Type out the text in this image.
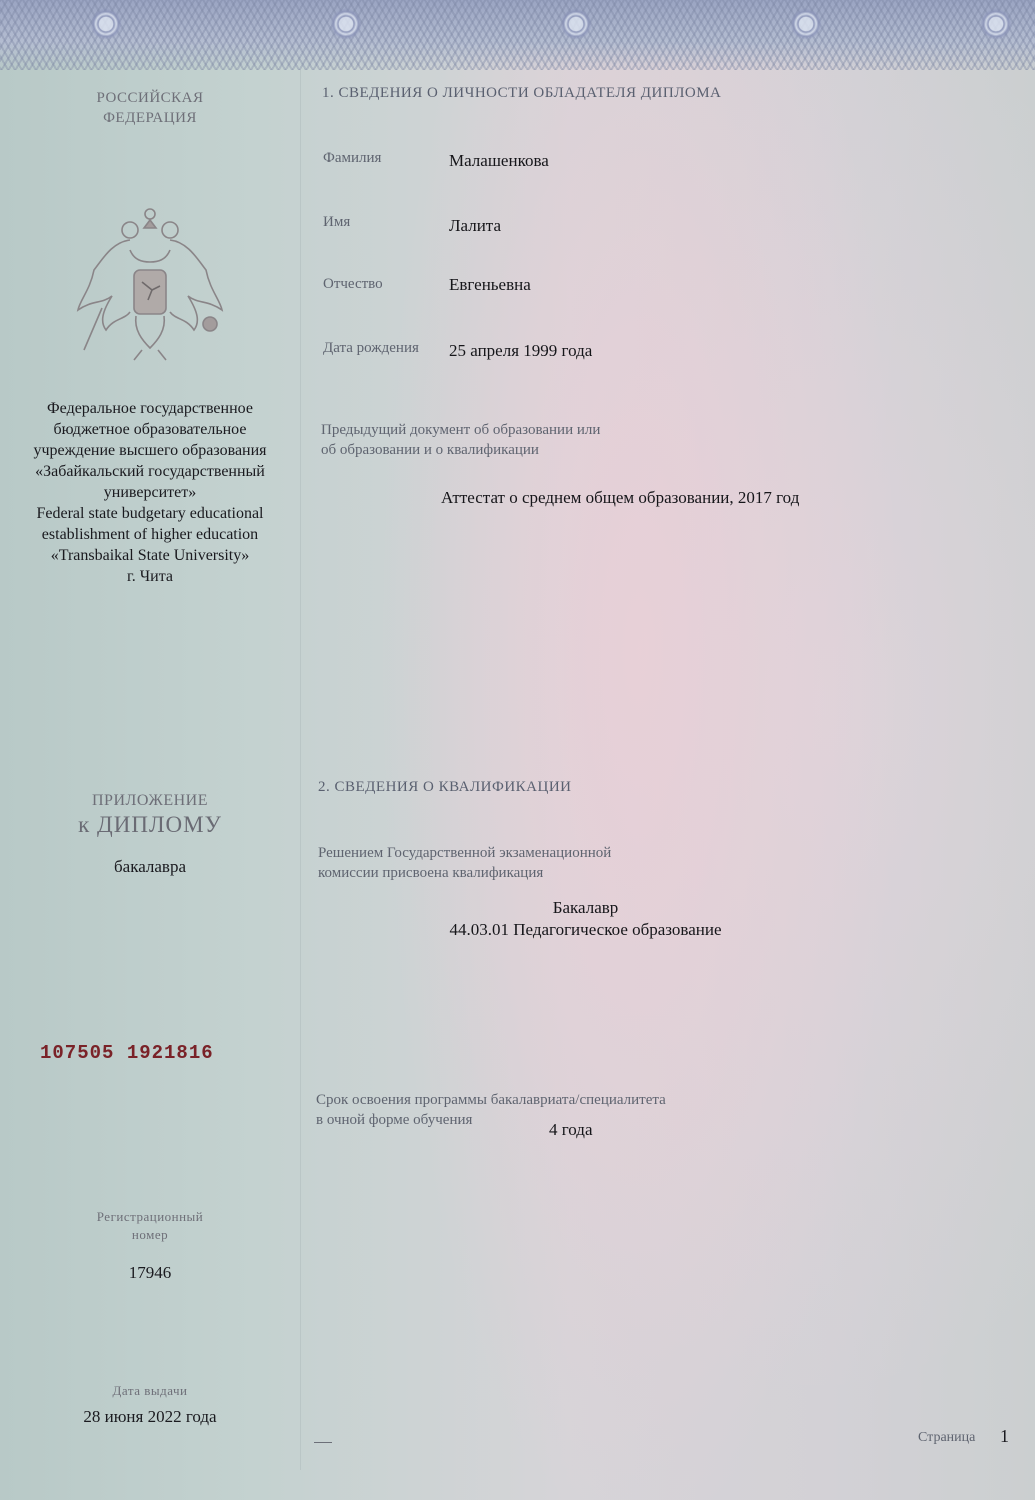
РОССИЙСКАЯ

ФЕДЕРАЦИЯ

Федеральное государственное

бюджетное образовательное

учреждение высшего образования

«Забайкальский государственный

университет»

Federal state budgetary educational

establishment of higher education

«Transbaikal State University»

г. Чита

ПРИЛОЖЕНИЕ

к ДИПЛОМУ

бакалавра

107505 1921816

Регистрационный

номер

17946

Дата выдачи

28 июня 2022 года

1. СВЕДЕНИЯ О ЛИЧНОСТИ ОБЛАДАТЕЛЯ ДИПЛОМА

Фамилия	Малашенкова

Имя	Лалита

Отчество	Евгеньевна

Дата рождения 25 апреля 1999 года

Предыдущий документ об образовании или

об образовании и о квалификации

Аттестат о среднем общем образовании, 2017 год

2. СВЕДЕНИЯ О КВАЛИФИКАЦИИ

Решением Государственной экзаменационной

комиссии присвоена квалификация

Бакалавр

44.03.01 Педагогическое образование

Срок освоения программы бакалавриата/специалитета

в очной форме обучения	4 года

Страница 1
